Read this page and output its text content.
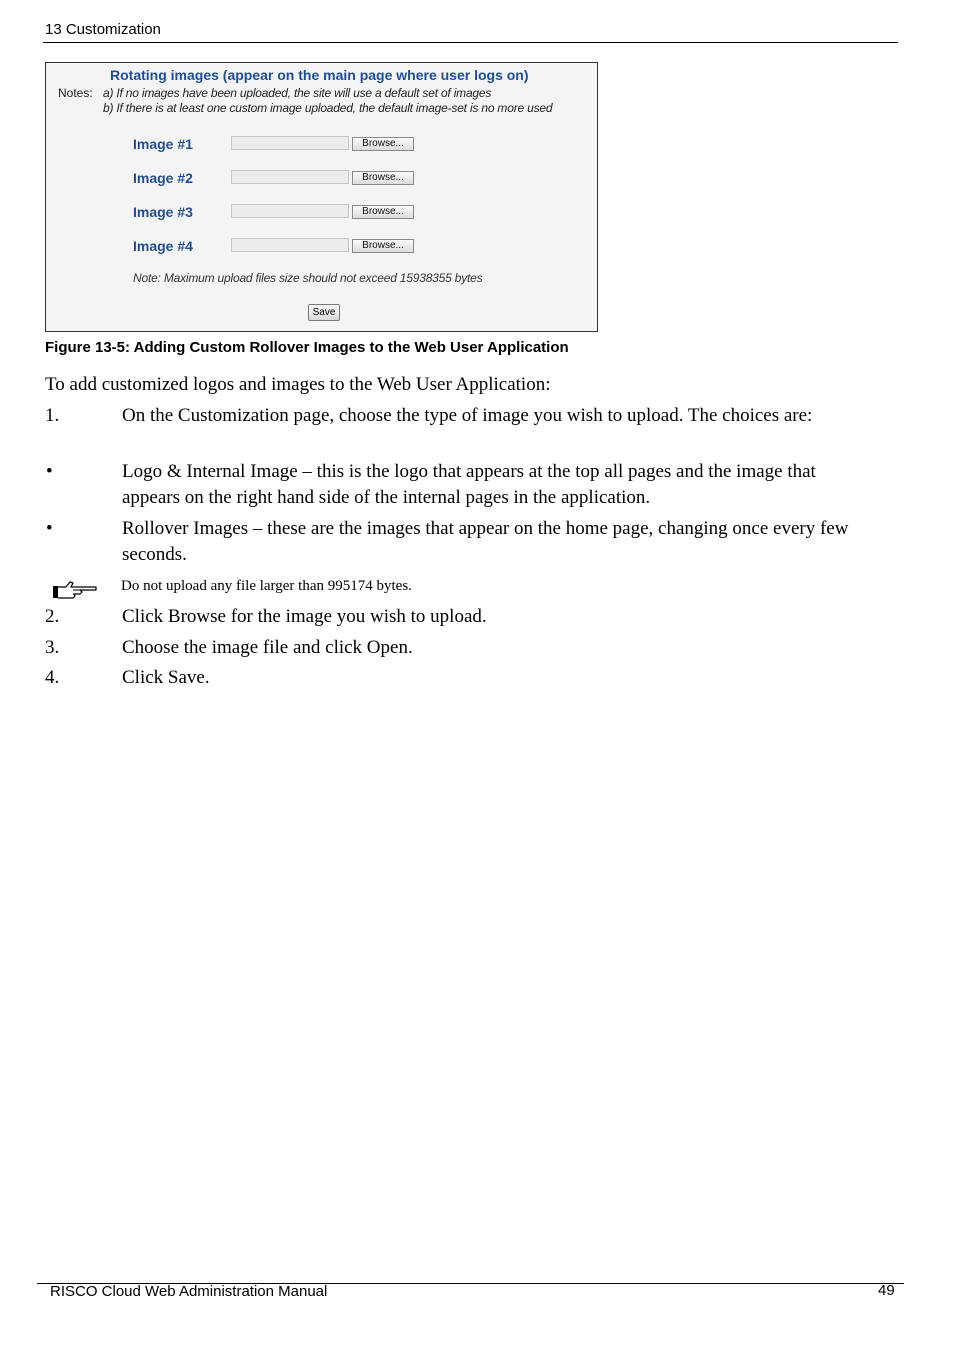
13 Customization
Rotating images (appear on the main page where user logs on)
Notes: a) If no images have been uploaded, the site will use a default set of images
b) If there is at least one custom image uploaded, the default image-set is no more used
Image #1	Browse...
Image #2	Browse...
Image #3	Browse...
Image #4	Browse...
Note: Maximum upload files size should not exceed 15938355 bytes
Save
Figure 13-5: Adding Custom Rollover Images to the Web User Application
To add customized logos and images to the Web User Application:
1.	On the Customization page, choose the type of image you wish to upload. The choices are:
•	Logo & Internal Image – this is the logo that appears at the top all pages and the image that appears on the right hand side of the internal pages in the application.
•	Rollover Images – these are the images that appear on the home page, changing once every few seconds.
Do not upload any file larger than 995174 bytes.
2.	Click Browse for the image you wish to upload.
3.	Choose the image file and click Open.
4.	Click Save.
RISCO Cloud Web Administration Manual	49
